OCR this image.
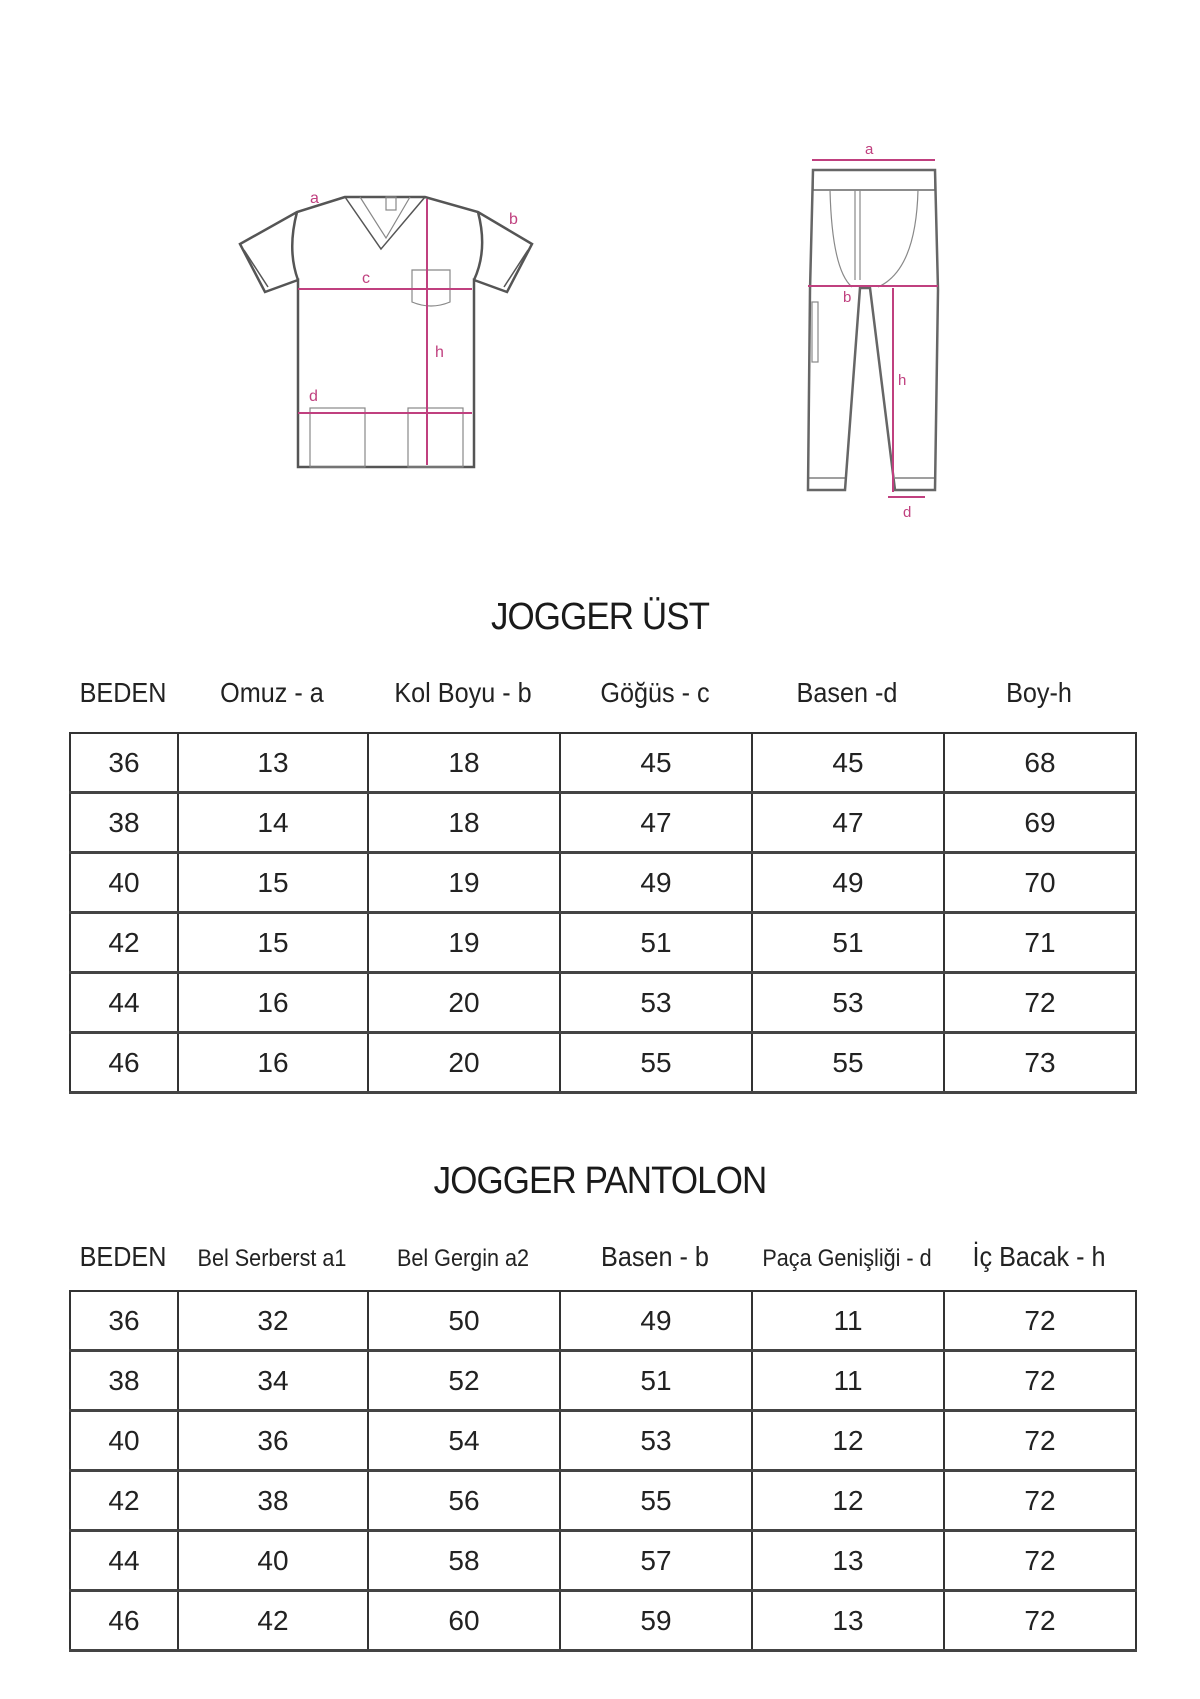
a
b
c
h
d
a
b
h
d
JOGGER ÜST
BEDEN	Omuz - a	Kol Boyu - b	Göğüs - c	Basen -d	Boy-h
36	13	18	45	45	68
38	14	18	47	47	69
40	15	19	49	49	70
42	15	19	51	51	71
44	16	20	53	53	72
46	16	20	55	55	73
JOGGER PANTOLON
BEDEN	Bel Serberst a1	Bel Gergin a2	Basen - b	Paça Genişliği - d	İç Bacak - h
36	32	50	49	11	72
38	34	52	51	11	72
40	36	54	53	12	72
42	38	56	55	12	72
44	40	58	57	13	72
46	42	60	59	13	72
